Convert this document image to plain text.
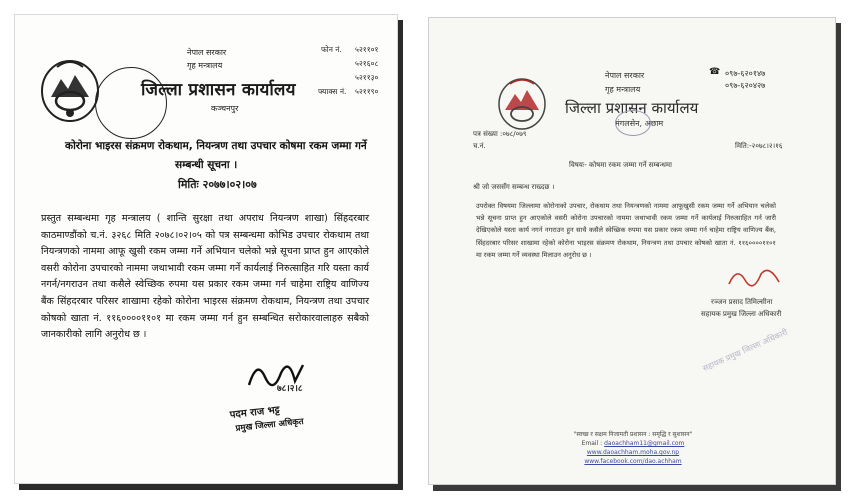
नेपाल सरकार
गृह मन्त्रालय
जिल्ला प्रशासन कार्यालय
कञ्चनपुर
फोन नं. ५२११०१
५२१६०८
५२११३०
फ्याक्स नं. ५२११९०
कोरोना भाइरस संक्रमण रोकथाम, नियन्त्रण तथा उपचार कोषमा रकम जम्मा गर्ने
सम्बन्धी सूचना ।
मितिः २०७७।०२।०७
प्रस्तुत सम्बन्धमा गृह मन्त्रालय ( शान्ति सुरक्षा तथा अपराध नियन्त्रण शाखा) सिंहदरबार काठमाण्डौंको च.नं. ३२६८ मिति २०७८।०२।०५ को पत्र सम्बन्धमा कोभिड उपचार रोकथाम तथा नियन्त्रणको नाममा आफू खुसी रकम जम्मा गर्ने अभियान चलेको भन्ने सूचना प्राप्त हुन आएकोले वसरी कोरोना उपचारको नाममा जथाभावी रकम जम्मा गर्ने कार्यलाई निरुत्साहित गरि यस्ता कार्य नगर्न/नगराउन तथा कसैले स्वेच्छिक रुपमा यस प्रकार रकम जम्मा गर्न चाहेमा राष्ट्रिय वाणिज्य बैंक सिंहदरबार परिसर शाखामा रहेको कोरोना भाइरस संक्रमण रोकथाम, नियन्त्रण तथा उपचार कोषको खाता नं. ११६००००११०१ मा रकम जम्मा गर्न हुन सम्बन्धित सरोकारवालाहरु सबैको जानकारीको लागि अनुरोध छ ।
७८।२।८
पदम राज भट्ट
प्रमुख जिल्ला अधिकृत
नेपाल सरकार
गृह मन्त्रालय
जिल्ला प्रशासन कार्यालय
मंगलसेन, अछाम
☎ ०९७-६२०१४७
०९७-६२०४२७
पत्र संख्या :०७८/०७९
च.नं.	मिति:-२०७८।२।१६
विषयः- कोषमा रकम जम्मा गर्ने सम्बन्धमा
श्री जो जससँग सम्बन्ध राख्दछ ।
उपरोक्त विषयमा जिल्लामा कोरोनाको उपचार, रोकथाम तथा नियन्त्रणको नाममा आफूखुसी रकम जम्मा गर्ने अभियान चलेको भन्ने सूचना प्राप्त हुन आएकोले वसरी कोरोना उपचारको नाममा जथाभावी रकम जम्मा गर्ने कार्यलाई निरुत्साहित गर्न जारी देखिएकोले यस्ता कार्य नगर्न नगराउन हुन साथै कसैले स्वेच्छिक रुपमा यस प्रकार रकम जम्मा गर्न चाहेमा राष्ट्रिय वाणिज्य बैंक, सिंहदरबार परिसर शाखामा रहेको कोरोना भाइरस संक्रमण रोकथाम, नियन्त्रण तथा उपचार कोषको खाता नं. ११६००००११०१ मा रकम जम्मा गर्ने व्यवस्था मिलाउन अनुरोध छ ।
रञ्जन प्रसाद तिमिल्सीना
सहायक प्रमुख जिल्ला अधिकारी
सहायक प्रमुख जिल्ला अधिकारी
"स्वच्छ र सक्षम निजामती प्रशासन : समृद्धि र सुशासन"
Email : daoachham11@gmail.com
www.daoachham.moha.gov.np
www.facebook.com/dao.achham
